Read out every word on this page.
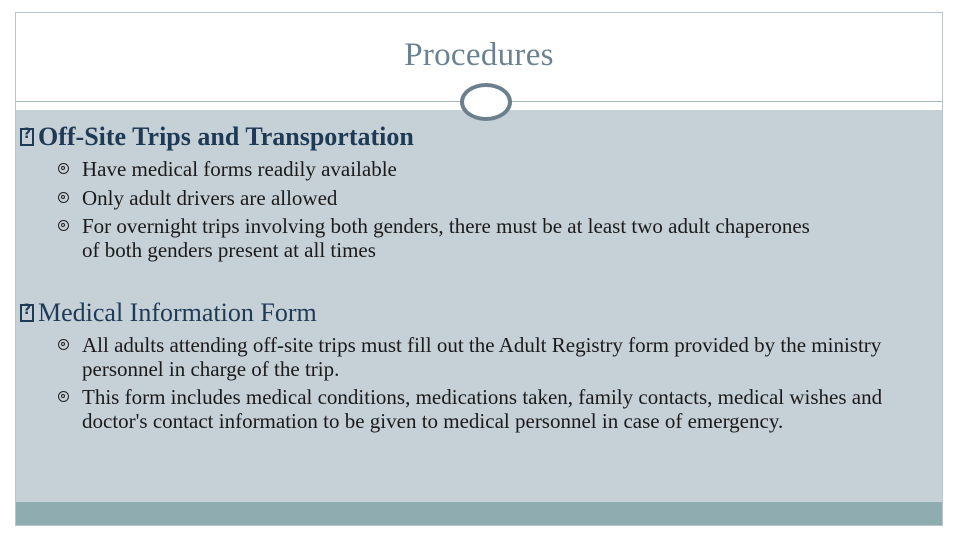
Procedures
?
Off-Site Trips and Transportation
Have medical forms readily available
Only adult drivers are allowed
For overnight trips involving both genders, there must be at least two adult chaperones of both genders present at all times
?
Medical Information Form
All adults attending off-site trips must fill out the Adult Registry form provided by the ministry personnel in charge of the trip.
This form includes medical conditions, medications taken, family contacts, medical wishes and doctor's contact information to be given to medical personnel in case of emergency.
